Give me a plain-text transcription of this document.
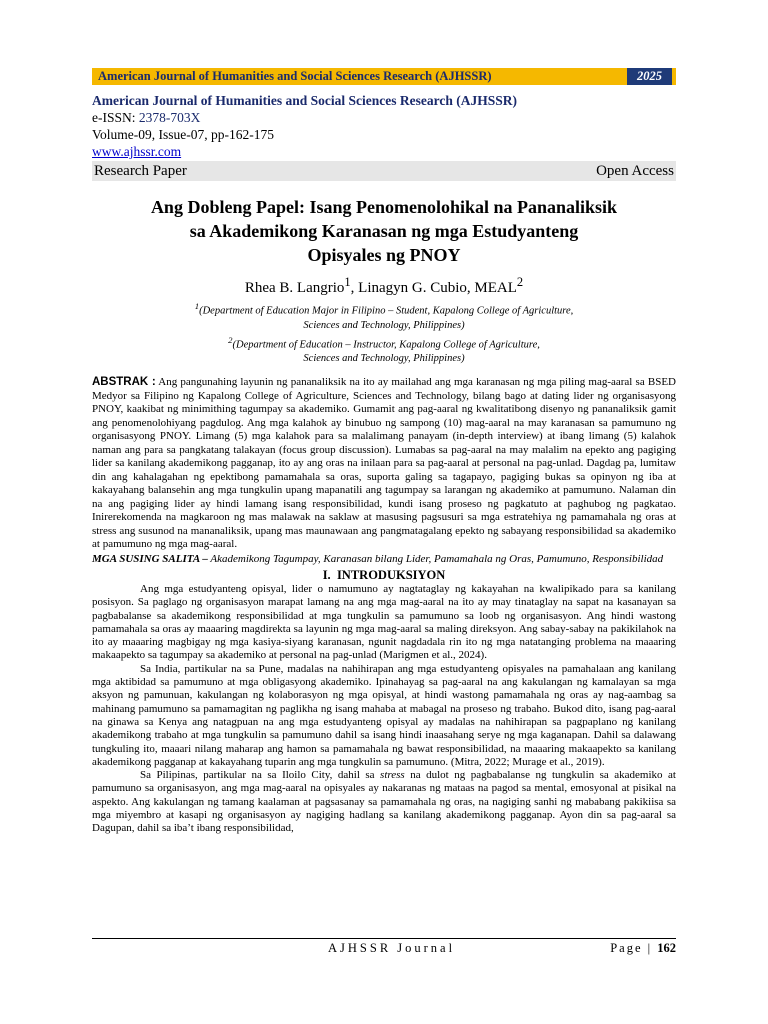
American Journal of Humanities and Social Sciences Research (AJHSSR)	2025
American Journal of Humanities and Social Sciences Research (AJHSSR)
e-ISSN: 2378-703X
Volume-09, Issue-07, pp-162-175
www.ajhssr.com
Research Paper	Open Access
Ang Dobleng Papel: Isang Penomenolohikal na Pananaliksik
sa Akademikong Karanasan ng mga Estudyanteng
Opisyales ng PNOY
Rhea B. Langrio$^1$, Linagyn G. Cubio, MEAL$^2$
$^1$(Department of Education Major in Filipino – Student, Kapalong College of Agriculture,
Sciences and Technology, Philippines)
$^2$(Department of Education – Instructor, Kapalong College of Agriculture,
Sciences and Technology, Philippines)
ABSTRAK : Ang pangunahing layunin ng pananaliksik na ito ay mailahad ang mga karanasan ng mga piling mag-aaral sa BSED Medyor sa Filipino ng Kapalong College of Agriculture, Sciences and Technology, bilang bago at dating lider ng organisasyong PNOY, kaakibat ng minimithing tagumpay sa akademiko. Gumamit ang pag-aaral ng kwalitatibong disenyo ng pananaliksik gamit ang penomenolohiyang pagdulog. Ang mga kalahok ay binubuo ng sampong (10) mag-aaral na may karanasan sa pamumuno ng organisasyong PNOY. Limang (5) mga kalahok para sa malalimang panayam (in-depth interview) at ibang limang (5) kalahok naman ang para sa pangkatang talakayan (focus group discussion). Lumabas sa pag-aaral na may malalim na epekto ang pagiging lider sa kanilang akademikong pagganap, ito ay ang oras na inilaan para sa pag-aaral at personal na pag-unlad. Dagdag pa, lumitaw din ang kahalagahan ng epektibong pamamahala sa oras, suporta galing sa tagapayo, pagiging bukas sa opinyon ng iba at kakayahang balansehin ang mga tungkulin upang mapanatili ang tagumpay sa larangan ng akademiko at pamumuno. Nalaman din na ang pagiging lider ay hindi lamang isang responsibilidad, kundi isang proseso ng pagkatuto at paghubog ng pagkatao. Inirerekomenda na magkaroon ng mas malawak na saklaw at masusing pagsusuri sa mga estratehiya ng pamamahala ng oras at stress ang susunod na mananaliksik, upang mas maunawaan ang pangmatagalang epekto ng sabayang responsibilidad sa akademiko at pamumuno ng mga mag-aaral.
MGA SUSING SALITA – Akademikong Tagumpay, Karanasan bilang Lider, Pamamahala ng Oras, Pamumuno, Responsibilidad
I. INTRODUKSIYON

Ang mga estudyanteng opisyal, lider o namumuno ay nagtataglay ng kakayahan na kwalipikado para sa kanilang posisyon. Sa paglago ng organisasyon marapat lamang na ang mga mag-aaral na ito ay may tinataglay na sapat na kasanayan sa pagbabalanse sa akademikong responsibilidad at mga tungkulin sa pamumuno sa loob ng organisasyon. Ang hindi wastong pamamahala sa oras ay maaaring magdirekta sa layunin ng mga mag-aaral sa maling direksyon. Ang sabay-sabay na pakikilahok na ito ay maaaring magbigay ng mga kasiya-siyang karanasan, ngunit nagdadala rin ito ng mga natatanging problema na maaaring makaapekto sa tagumpay sa akademiko at personal na pag-unlad (Marigmen et al., 2024).

Sa India, partikular na sa Pune, madalas na nahihirapan ang mga estudyanteng opisyales na pamahalaan ang kanilang mga aktibidad sa pamumuno at mga obligasyong akademiko. Ipinahayag sa pag-aaral na ang kakulangan ng kamalayan sa mga aksyon ng pamunuan, kakulangan ng kolaborasyon ng mga opisyal, at hindi wastong pamamahala ng oras ay nag-aambag sa mahinang pamumuno sa pamamagitan ng paglikha ng isang mahaba at mabagal na proseso ng trabaho. Bukod dito, isang pag-aaral na ginawa sa Kenya ang natagpuan na ang mga estudyanteng opisyal ay madalas na nahihirapan sa pagpaplano ng kanilang akademikong trabaho at mga tungkulin sa pamumuno dahil sa isang hindi inaasahang serye ng mga kaganapan. Dahil sa dalawang tungkuling ito, maaari nilang maharap ang hamon sa pamamahala ng bawat responsibilidad, na maaaring makaapekto sa kanilang akademikong pagganap at kakayahang tuparin ang mga tungkulin sa pamumuno. (Mitra, 2022; Murage et al., 2019).

Sa Pilipinas, partikular na sa Iloilo City, dahil sa stress na dulot ng pagbabalanse ng tungkulin sa akademiko at pamumuno sa organisasyon, ang mga mag-aaral na opisyales ay nakaranas ng mataas na pagod sa mental, emosyonal at pisikal na aspekto. Ang kakulangan ng tamang kaalaman at pagsasanay sa pamamahala ng oras, na nagiging sanhi ng mababang pakikiisa sa mga miyembro at kasapi ng organisasyon ay nagiging hadlang sa kanilang akademikong pagganap. Ayon din sa pag-aaral sa Dagupan, dahil sa iba’t ibang responsibilidad,

AJHSSR Journal	Page | 162
